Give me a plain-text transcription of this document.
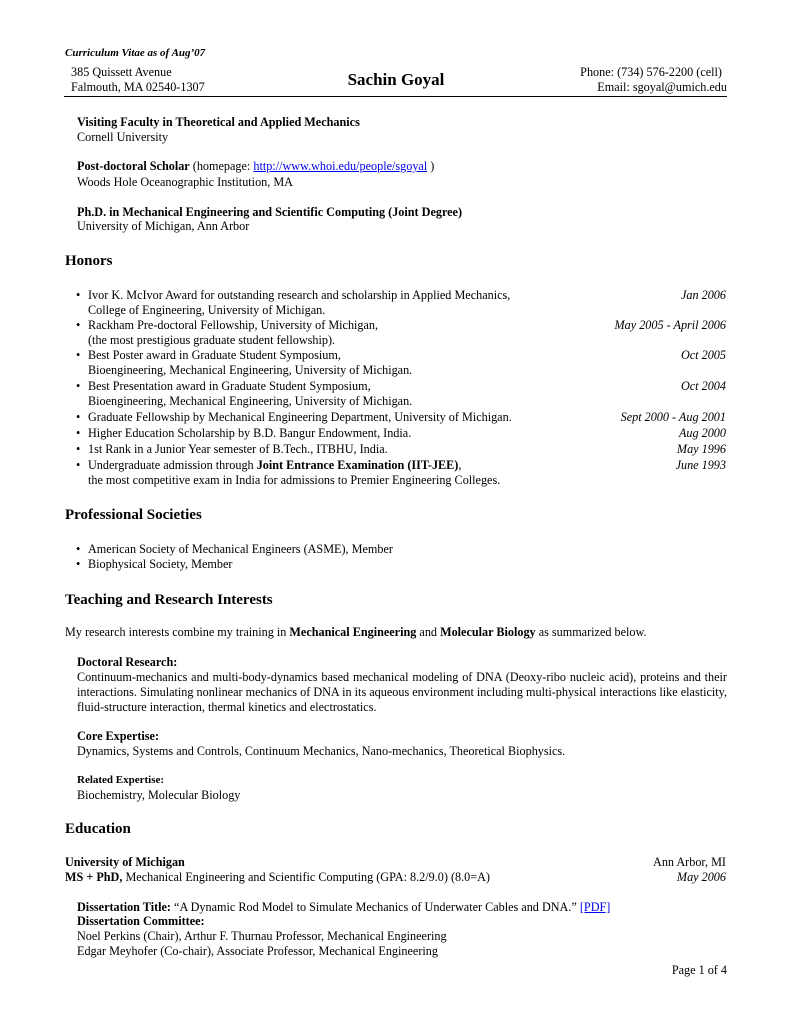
Curriculum Vitae as of Aug’07
385 Quissett Avenue
Falmouth, MA 02540-1307	Sachin Goyal	Phone: (734) 576-2200 (cell)
Email: sgoyal@umich.edu
Visiting Faculty in Theoretical and Applied Mechanics
Cornell University
Post-doctoral Scholar (homepage: http://www.whoi.edu/people/sgoyal )
Woods Hole Oceanographic Institution, MA
Ph.D. in Mechanical Engineering and Scientific Computing (Joint Degree)
University of Michigan, Ann Arbor
Honors
• Ivor K. McIvor Award for outstanding research and scholarship in Applied Mechanics,
College of Engineering, University of Michigan.
Jan 2006
• Rackham Pre-doctoral Fellowship, University of Michigan,
(the most prestigious graduate student fellowship).
May 2005 - April 2006
• Best Poster award in Graduate Student Symposium,
Bioengineering, Mechanical Engineering, University of Michigan.
Oct 2005
• Best Presentation award in Graduate Student Symposium,
Bioengineering, Mechanical Engineering, University of Michigan.
Oct 2004
• Graduate Fellowship by Mechanical Engineering Department, University of Michigan.	Sept 2000 - Aug 2001
• Higher Education Scholarship by B.D. Bangur Endowment, India.	Aug 2000
• 1st Rank in a Junior Year semester of B.Tech., ITBHU, India.	May 1996
• Undergraduate admission through Joint Entrance Examination (IIT-JEE),
the most competitive exam in India for admissions to Premier Engineering Colleges.
June 1993
Professional Societies
• American Society of Mechanical Engineers (ASME), Member
• Biophysical Society, Member
Teaching and Research Interests
My research interests combine my training in Mechanical Engineering and Molecular Biology as summarized below.
Doctoral Research:
Continuum-mechanics and multi-body-dynamics based mechanical modeling of DNA (Deoxy-ribo nucleic acid), proteins and their interactions. Simulating nonlinear mechanics of DNA in its aqueous environment including multi-physical interactions like elasticity, fluid-structure interaction, thermal kinetics and electrostatics.
Core Expertise:
Dynamics, Systems and Controls, Continuum Mechanics, Nano-mechanics, Theoretical Biophysics.
Related Expertise:
Biochemistry, Molecular Biology
Education
University of Michigan	Ann Arbor, MI
MS + PhD, Mechanical Engineering and Scientific Computing (GPA: 8.2/9.0) (8.0=A)	May 2006
Dissertation Title: “A Dynamic Rod Model to Simulate Mechanics of Underwater Cables and DNA.” [PDF]
Dissertation Committee:
Noel Perkins (Chair), Arthur F. Thurnau Professor, Mechanical Engineering
Edgar Meyhofer (Co-chair), Associate Professor, Mechanical Engineering
Page 1 of 4
